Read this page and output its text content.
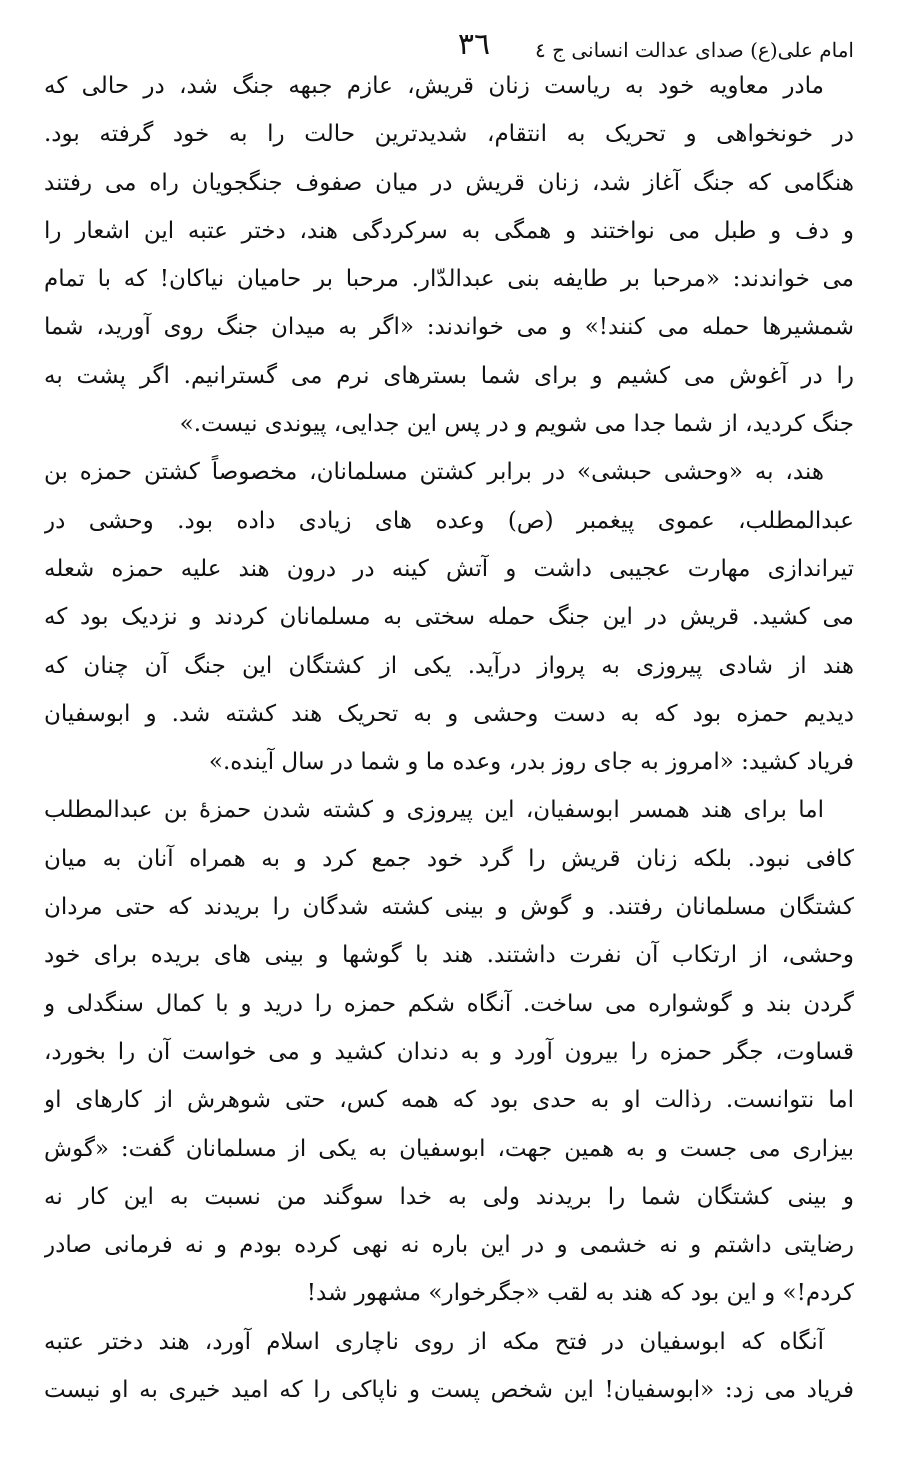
امام علی(ع) صدای عدالت انسانی ج ٤
٣٦
مادر معاویه خود به ریاست زنان قریش، عازم جبهه جنگ شد، در حالی که
در خونخواهی و تحریک به انتقام، شدیدترین حالت را به خود گرفته بود.
هنگامی که جنگ آغاز شد، زنان قریش در میان صفوف جنگجویان راه می رفتند
و دف و طبل می نواختند و همگی به سرکردگی هند، دختر عتبه این اشعار را
می خواندند: «مرحبا بر طایفه بنی عبدالدّار. مرحبا بر حامیان نیاکان! که با تمام
شمشیرها حمله می کنند!» و می خواندند: «اگر به میدان جنگ روی آورید، شما
را در آغوش می کشیم و برای شما بسترهای نرم می گسترانیم. اگر پشت به
جنگ کردید، از شما جدا می شویم و در پس این جدایی، پیوندی نیست.»
هند، به «وحشی حبشی» در برابر کشتن مسلمانان، مخصوصاً کشتن حمزه بن
عبدالمطلب، عموی پیغمبر (ص) وعده های زیادی داده بود. وحشی در
تیراندازی مهارت عجیبی داشت و آتش کینه در درون هند علیه حمزه شعله
می کشید. قریش در این جنگ حمله سختی به مسلمانان کردند و نزدیک بود که
هند از شادی پیروزی به پرواز درآید. یکی از کشتگان این جنگ آن چنان که
دیدیم حمزه بود که به دست وحشی و به تحریک هند کشته شد. و ابوسفیان
فریاد کشید: «امروز به جای روز بدر، وعده ما و شما در سال آینده.»
اما برای هند همسر ابوسفیان، این پیروزی و کشته شدن حمزهٔ بن عبدالمطلب
کافی نبود. بلکه زنان قریش را گرد خود جمع کرد و به همراه آنان به میان
کشتگان مسلمانان رفتند. و گوش و بینی کشته شدگان را بریدند که حتی مردان
وحشی، از ارتکاب آن نفرت داشتند. هند با گوشها و بینی های بریده برای خود
گردن بند و گوشواره می ساخت. آنگاه شکم حمزه را درید و با کمال سنگدلی و
قساوت، جگر حمزه را بیرون آورد و به دندان کشید و می خواست آن را بخورد،
اما نتوانست. رذالت او به حدی بود که همه کس، حتی شوهرش از کارهای او
بیزاری می جست و به همین جهت، ابوسفیان به یکی از مسلمانان گفت: «گوش
و بینی کشتگان شما را بریدند ولی به خدا سوگند من نسبت به این کار نه
رضایتی داشتم و نه خشمی و در این باره نه نهی کرده بودم و نه فرمانی صادر
کردم!» و این بود که هند به لقب «جگرخوار» مشهور شد!
آنگاه که ابوسفیان در فتح مکه از روی ناچاری اسلام آورد، هند دختر عتبه
فریاد می زد: «ابوسفیان! این شخص پست و ناپاکی را که امید خیری به او نیست
